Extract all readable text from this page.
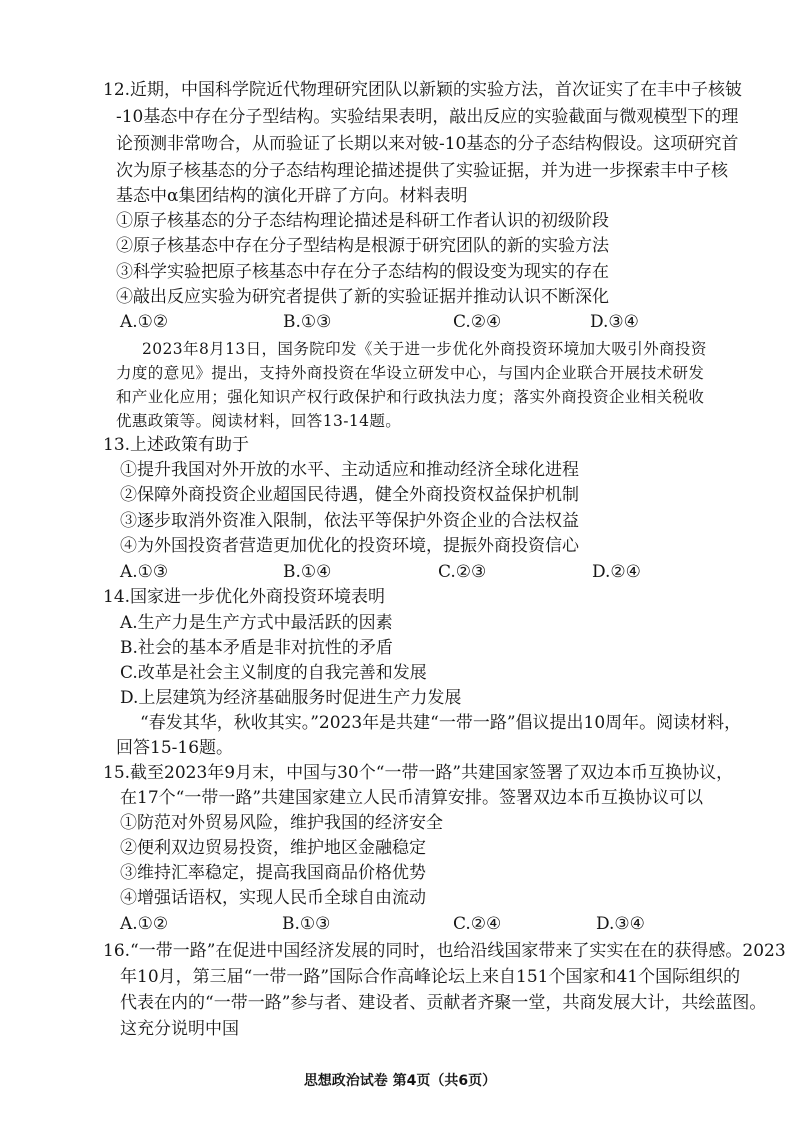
12.近期，中国科学院近代物理研究团队以新颖的实验方法，首次证实了在丰中子核铍
-10基态中存在分子型结构。实验结果表明，敲出反应的实验截面与微观模型下的理
论预测非常吻合，从而验证了长期以来对铍-10基态的分子态结构假设。这项研究首
次为原子核基态的分子态结构理论描述提供了实验证据，并为进一步探索丰中子核
基态中α集团结构的演化开辟了方向。材料表明
①原子核基态的分子态结构理论描述是科研工作者认识的初级阶段
②原子核基态中存在分子型结构是根源于研究团队的新的实验方法
③科学实验把原子核基态中存在分子态结构的假设变为现实的存在
④敲出反应实验为研究者提供了新的实验证据并推动认识不断深化
A.①②	B.①③	C.②④	D.③④
2023年8月13日，国务院印发《关于进一步优化外商投资环境加大吸引外商投资
力度的意见》提出，支持外商投资在华设立研发中心，与国内企业联合开展技术研发
和产业化应用；强化知识产权行政保护和行政执法力度；落实外商投资企业相关税收
优惠政策等。阅读材料，回答13-14题。
13.上述政策有助于
①提升我国对外开放的水平、主动适应和推动经济全球化进程
②保障外商投资企业超国民待遇，健全外商投资权益保护机制
③逐步取消外资准入限制，依法平等保护外资企业的合法权益
④为外国投资者营造更加优化的投资环境，提振外商投资信心
A.①③	B.①④	C.②③	D.②④
14.国家进一步优化外商投资环境表明
A.生产力是生产方式中最活跃的因素
B.社会的基本矛盾是非对抗性的矛盾
C.改革是社会主义制度的自我完善和发展
D.上层建筑为经济基础服务时促进生产力发展
“春发其华，秋收其实。”2023年是共建“一带一路”倡议提出10周年。阅读材料，
回答15-16题。
15.截至2023年9月末，中国与30个“一带一路”共建国家签署了双边本币互换协议，
在17个“一带一路”共建国家建立人民币清算安排。签署双边本币互换协议可以
①防范对外贸易风险，维护我国的经济安全
②便利双边贸易投资，维护地区金融稳定
③维持汇率稳定，提高我国商品价格优势
④增强话语权，实现人民币全球自由流动
A.①②	B.①③	C.②④	D.③④
16.“一带一路”在促进中国经济发展的同时，也给沿线国家带来了实实在在的获得感。2023
年10月，第三届“一带一路”国际合作高峰论坛上来自151个国家和41个国际组织的
代表在内的“一带一路”参与者、建设者、贡献者齐聚一堂，共商发展大计，共绘蓝图。
这充分说明中国
思想政治试卷 第4页（共6页）
